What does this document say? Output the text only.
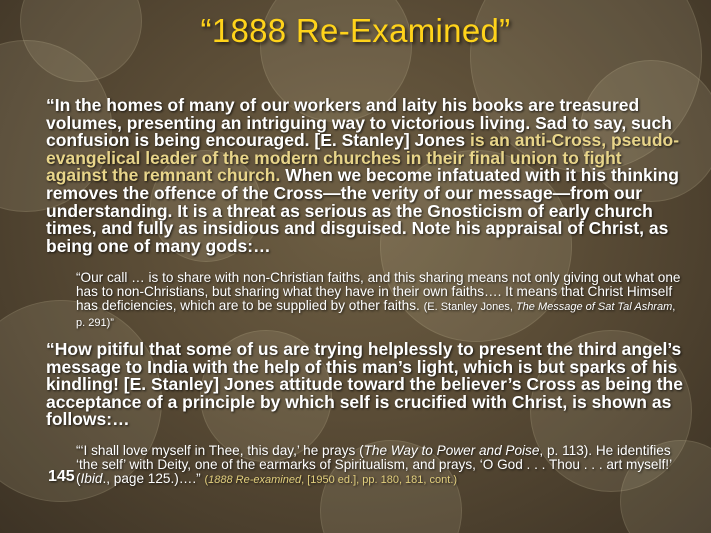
“1888 Re-Examined”
“In the homes of many of our workers and laity his books are treasured volumes, presenting an intriguing way to victorious living. Sad to say, such confusion is being encouraged. [E. Stanley] Jones is an anti-Cross, pseudo-evangelical leader of the modern churches in their final union to fight against the remnant church. When we become infatuated with it his thinking removes the offence of the Cross—the verity of our message—from our understanding. It is a threat as serious as the Gnosticism of early church times, and fully as insidious and disguised. Note his appraisal of Christ, as being one of many gods:…
“Our call … is to share with non-Christian faiths, and this sharing means not only giving out what one has to non-Christians, but sharing what they have in their own faiths…. It means that Christ Himself has deficiencies, which are to be supplied by other faiths. (E. Stanley Jones, The Message of Sat Tal Ashram, p. 291)”
“How pitiful that some of us are trying helplessly to present the third angel’s message to India with the help of this man’s light, which is but sparks of his kindling! [E. Stanley] Jones attitude toward the believer’s Cross as being the acceptance of a principle by which self is crucified with Christ, is shown as follows:…
“‘I shall love myself in Thee, this day,’ he prays (The Way to Power and Poise, p. 113). He identifies ‘the self’ with Deity, one of the earmarks of Spiritualism, and prays, ‘O God . . . Thou . . . art myself!’ (Ibid., page 125.)….” (1888 Re-examined, [1950 ed.], pp. 180, 181, cont.)
145
